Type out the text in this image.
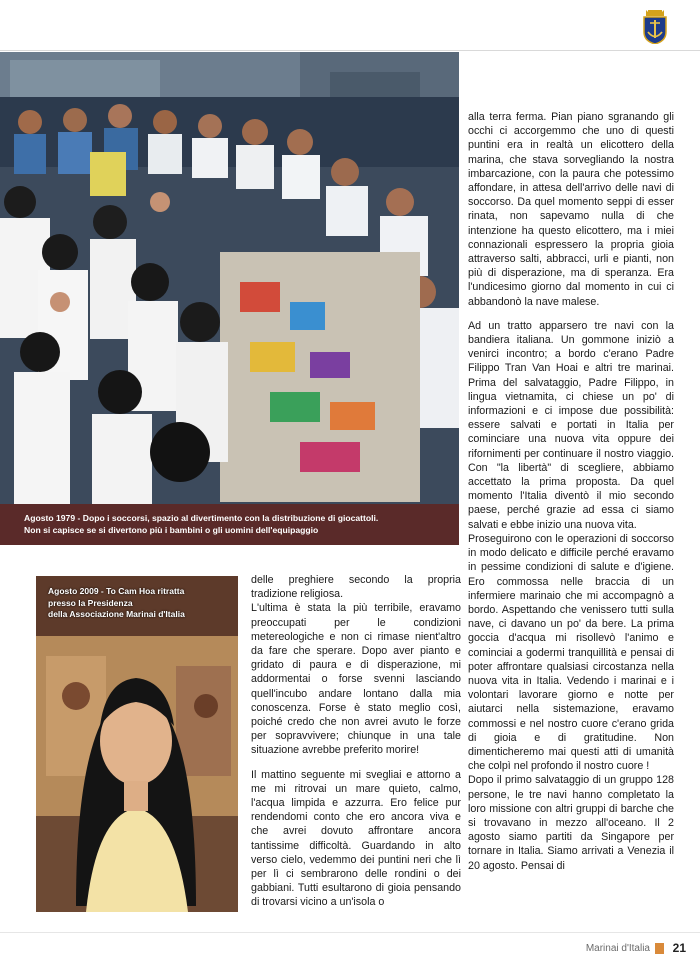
Agosto 1979 - Dopo i soccorsi, spazio al divertimento con la distribuzione di giocattoli.
Non si capisce se si divertono più i bambini o gli uomini dell'equipaggio

alla terra ferma. Pian piano sgranando gli occhi ci accorgemmo che uno di questi puntini era in realtà un elicottero della marina, che stava sorvegliando la nostra imbarcazione, con la paura che potessimo affondare, in attesa dell'arrivo delle navi di soccorso. Da quel momento seppi di esser rinata, non sapevamo nulla di che intenzione ha questo elicottero, ma i miei connazionali espressero la propria gioia attraverso salti, abbracci, urli e pianti, non più di disperazione, ma di speranza. Era l'undicesimo giorno dal momento in cui ci abbandonò la nave malese.

Ad un tratto apparsero tre navi con la bandiera italiana. Un gommone iniziò a venirci incontro; a bordo c'erano Padre Filippo Tran Van Hoai e altri tre marinai. Prima del salvataggio, Padre Filippo, in lingua vietnamita, ci chiese un po' di informazioni e ci impose due possibilità: essere salvati e portati in Italia per cominciare una nuova vita oppure dei rifornimenti per continuare il nostro viaggio. Con "la libertà" di scegliere, abbiamo accettato la prima proposta. Da quel momento l'Italia diventò il mio secondo paese, perché grazie ad essa ci siamo salvati e ebbe inizio una nuova vita.

Proseguirono con le operazioni di soccorso in modo delicato e difficile perché eravamo in pessime condizioni di salute e d'igiene. Ero commossa nelle braccia di un infermiere marinaio che mi accompagnò a bordo. Aspettando che venissero tutti sulla nave, ci davano un po' da bere. La prima goccia d'acqua mi risollevò l'animo e cominciai a godermi tranquillità e pensai di poter affrontare qualsiasi circostanza nella nuova vita in Italia. Vedendo i marinai e i volontari lavorare giorno e notte per aiutarci nella sistemazione, eravamo commossi e nel nostro cuore c'erano grida di gioia e di gratitudine. Non dimenticheremo mai questi atti di umanità che colpì nel profondo il nostro cuore !

Dopo il primo salvataggio di un gruppo 128 persone, le tre navi hanno completato la loro missione con altri gruppi di barche che si trovavano in mezzo all'oceano. Il 2 agosto siamo partiti da Singapore per tornare in Italia. Siamo arrivati a Venezia il 20 agosto. Pensai di

Agosto 2009 - To Cam Hoa ritratta
presso la Presidenza
della Associazione Marinai d'Italia

delle preghiere secondo la propria tradizione religiosa.

L'ultima è stata la più terribile, eravamo preoccupati per le condizioni metereologiche e non ci rimase nient'altro da fare che sperare. Dopo aver pianto e gridato di paura e di disperazione, mi addormentai o forse svenni lasciando quell'incubo andare lontano dalla mia conoscenza. Forse è stato meglio così, poiché credo che non avrei avuto le forze per sopravvivere; chiunque in una tale situazione avrebbe preferito morire!

Il mattino seguente mi svegliai e attorno a me mi ritrovai un mare quieto, calmo, l'acqua limpida e azzurra. Ero felice pur rendendomi conto che ero ancora viva e che avrei dovuto affrontare ancora tantissime difficoltà. Guardando in alto verso cielo, vedemmo dei puntini neri che lì per lì ci sembrarono delle rondini o dei gabbiani. Tutti esultarono di gioia pensando di trovarsi vicino a un'isola o

Marinai d'Italia 21
